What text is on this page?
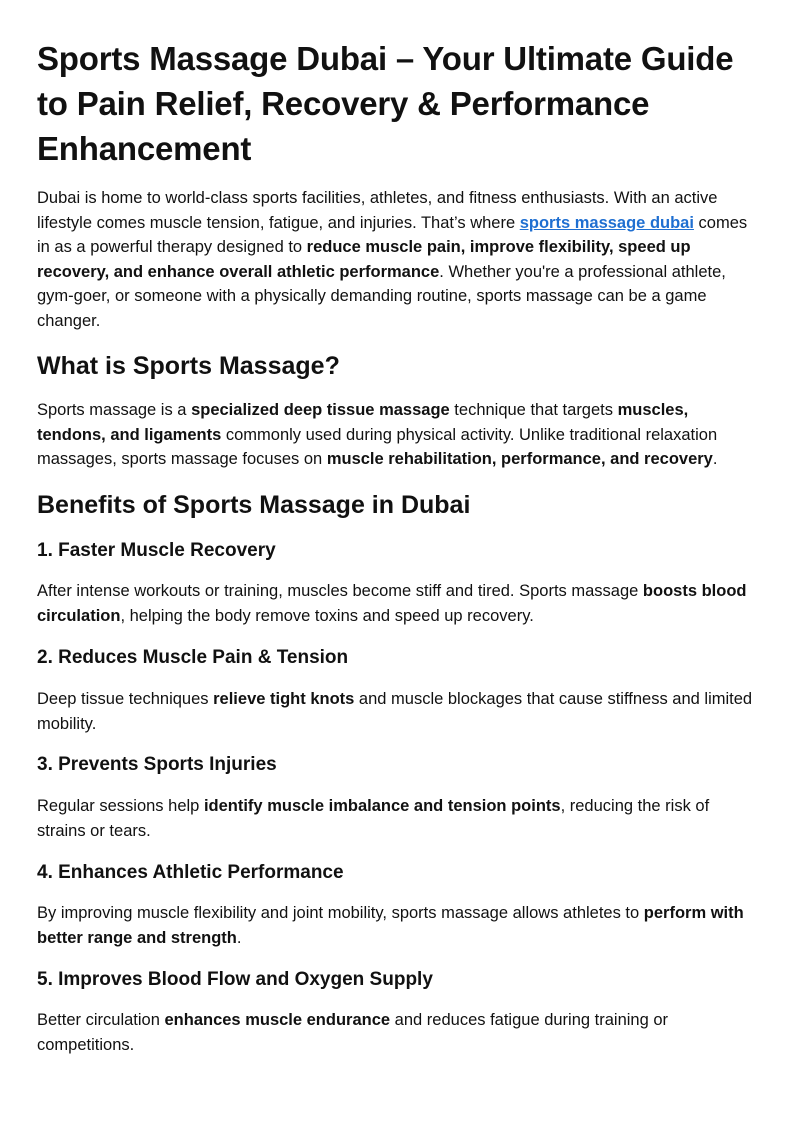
Sports Massage Dubai – Your Ultimate Guide to Pain Relief, Recovery & Performance Enhancement

Dubai is home to world-class sports facilities, athletes, and fitness enthusiasts. With an active lifestyle comes muscle tension, fatigue, and injuries. That’s where sports massage dubai comes in as a powerful therapy designed to reduce muscle pain, improve flexibility, speed up recovery, and enhance overall athletic performance. Whether you're a professional athlete, gym-goer, or someone with a physically demanding routine, sports massage can be a game changer.

What is Sports Massage?

Sports massage is a specialized deep tissue massage technique that targets muscles, tendons, and ligaments commonly used during physical activity. Unlike traditional relaxation massages, sports massage focuses on muscle rehabilitation, performance, and recovery.

Benefits of Sports Massage in Dubai
1. Faster Muscle Recovery

After intense workouts or training, muscles become stiff and tired. Sports massage boosts blood circulation, helping the body remove toxins and speed up recovery.

2. Reduces Muscle Pain & Tension

Deep tissue techniques relieve tight knots and muscle blockages that cause stiffness and limited mobility.

3. Prevents Sports Injuries

Regular sessions help identify muscle imbalance and tension points, reducing the risk of strains or tears.

4. Enhances Athletic Performance

By improving muscle flexibility and joint mobility, sports massage allows athletes to perform with better range and strength.

5. Improves Blood Flow and Oxygen Supply

Better circulation enhances muscle endurance and reduces fatigue during training or competitions.
